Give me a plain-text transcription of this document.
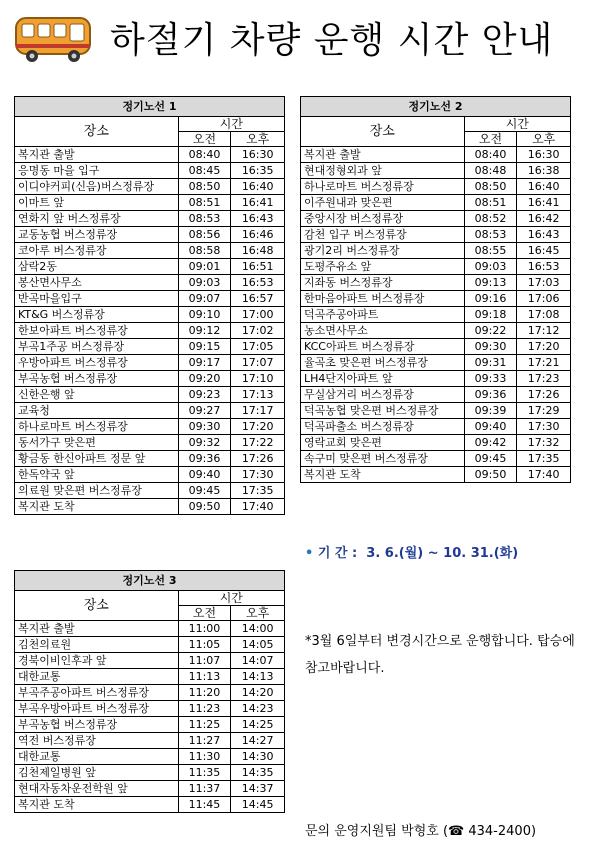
하절기 차량 운행 시간 안내
정기노선 1		
장소	시간	
	오전	오후
복지관 출발	08:40	16:30
응명동 마을 입구	08:45	16:35
이디야커피(신음)버스정류장	08:50	16:40
이마트 앞	08:51	16:41
연화지 앞 버스정류장	08:53	16:43
교동농협 버스정류장	08:56	16:46
코아루 버스정류장	08:58	16:48
삼락2동	09:01	16:51
봉산면사무소	09:03	16:53
반곡마을입구	09:07	16:57
KT&G 버스정류장	09:10	17:00
한보아파트 버스정류장	09:12	17:02
부곡1주공 버스정류장	09:15	17:05
우방아파트 버스정류장	09:17	17:07
부곡농협 버스정류장	09:20	17:10
신한은행 앞	09:23	17:13
교육청	09:27	17:17
하나로마트 버스정류장	09:30	17:20
동서가구 맞은편	09:32	17:22
황금동 한신아파트 정문 앞	09:36	17:26
한독약국 앞	09:40	17:30
의료원 맞은편 버스정류장	09:45	17:35
복지관 도착	09:50	17:40
정기노선 2		
장소	시간	
	오전	오후
복지관 출발	08:40	16:30
현대정형외과 앞	08:48	16:38
하나로마트 버스정류장	08:50	16:40
이주원내과 맞은편	08:51	16:41
중앙시장 버스정류장	08:52	16:42
감천 입구 버스정류장	08:53	16:43
광기2리 버스정류장	08:55	16:45
도평주유소 앞	09:03	16:53
지좌동 버스정류장	09:13	17:03
한마음아파트 버스정류장	09:16	17:06
덕곡주공아파트	09:18	17:08
농소면사무소	09:22	17:12
KCC아파트 버스정류장	09:30	17:20
율곡초 맞은편 버스정류장	09:31	17:21
LH4단지아파트 앞	09:33	17:23
무실삼거리 버스정류장	09:36	17:26
덕곡농협 맞은편 버스정류장	09:39	17:29
덕곡파출소 버스정류장	09:40	17:30
영락교회 맞은편	09:42	17:32
속구미 맞은편 버스정류장	09:45	17:35
복지관 도착	09:50	17:40
정기노선 3		
장소	시간	
	오전	오후
복지관 출발	11:00	14:00
김천의료원	11:05	14:05
경북이비인후과 앞	11:07	14:07
대한교통	11:13	14:13
부곡주공아파트 버스정류장	11:20	14:20
부곡우방아파트 버스정류장	11:23	14:23
부곡농협 버스정류장	11:25	14:25
역전 버스정류장	11:27	14:27
대한교통	11:30	14:30
김천제일병원 앞	11:35	14:35
현대자동차운전학원 앞	11:37	14:37
복지관 도착	11:45	14:45
• 기 간 : 3. 6.(월) ~ 10. 31.(화)
*3월 6일부터 변경시간으로 운행합니다. 탑승에 참고바랍니다.
문의 운영지원팀 박형호 (☎ 434-2400)
